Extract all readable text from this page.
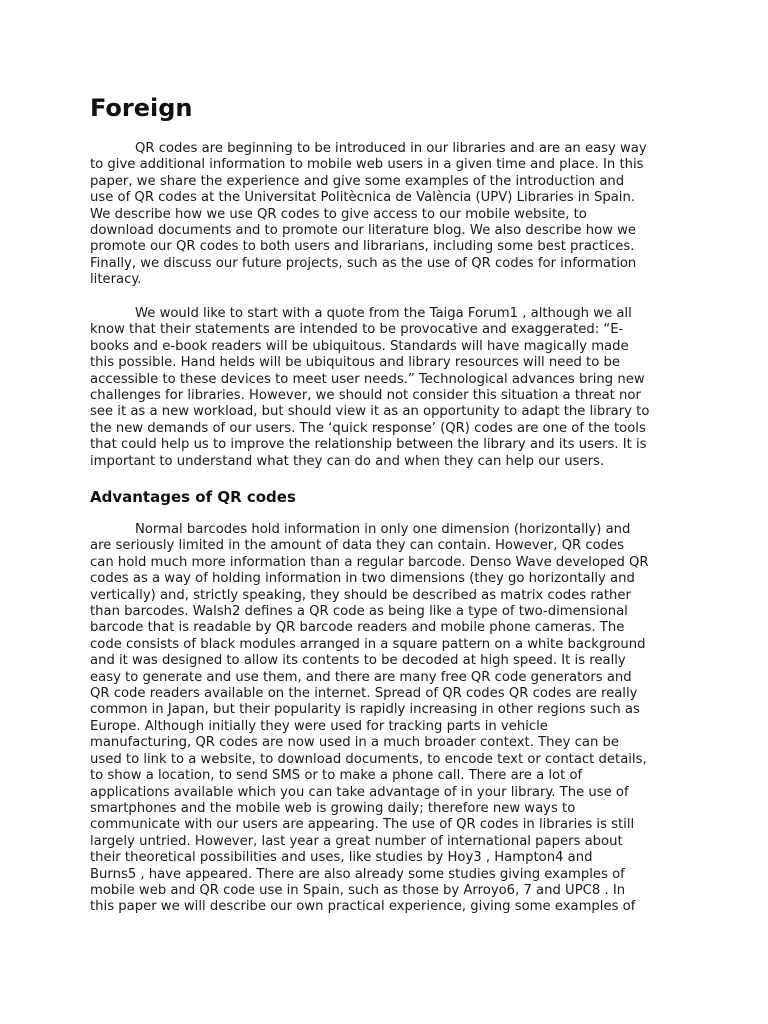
Foreign
QR codes are beginning to be introduced in our libraries and are an easy way
to give additional information to mobile web users in a given time and place. In this
paper, we share the experience and give some examples of the introduction and
use of QR codes at the Universitat Politècnica de València (UPV) Libraries in Spain.
We describe how we use QR codes to give access to our mobile website, to
download documents and to promote our literature blog. We also describe how we
promote our QR codes to both users and librarians, including some best practices.
Finally, we discuss our future projects, such as the use of QR codes for information
literacy.
We would like to start with a quote from the Taiga Forum1 , although we all
know that their statements are intended to be provocative and exaggerated: “E-
books and e-book readers will be ubiquitous. Standards will have magically made
this possible. Hand helds will be ubiquitous and library resources will need to be
accessible to these devices to meet user needs.” Technological advances bring new
challenges for libraries. However, we should not consider this situation a threat nor
see it as a new workload, but should view it as an opportunity to adapt the library to
the new demands of our users. The ‘quick response’ (QR) codes are one of the tools
that could help us to improve the relationship between the library and its users. It is
important to understand what they can do and when they can help our users.
Advantages of QR codes
Normal barcodes hold information in only one dimension (horizontally) and
are seriously limited in the amount of data they can contain. However, QR codes
can hold much more information than a regular barcode. Denso Wave developed QR
codes as a way of holding information in two dimensions (they go horizontally and
vertically) and, strictly speaking, they should be described as matrix codes rather
than barcodes. Walsh2 defines a QR code as being like a type of two-dimensional
barcode that is readable by QR barcode readers and mobile phone cameras. The
code consists of black modules arranged in a square pattern on a white background
and it was designed to allow its contents to be decoded at high speed. It is really
easy to generate and use them, and there are many free QR code generators and
QR code readers available on the internet. Spread of QR codes QR codes are really
common in Japan, but their popularity is rapidly increasing in other regions such as
Europe. Although initially they were used for tracking parts in vehicle
manufacturing, QR codes are now used in a much broader context. They can be
used to link to a website, to download documents, to encode text or contact details,
to show a location, to send SMS or to make a phone call. There are a lot of
applications available which you can take advantage of in your library. The use of
smartphones and the mobile web is growing daily; therefore new ways to
communicate with our users are appearing. The use of QR codes in libraries is still
largely untried. However, last year a great number of international papers about
their theoretical possibilities and uses, like studies by Hoy3 , Hampton4 and
Burns5 , have appeared. There are also already some studies giving examples of
mobile web and QR code use in Spain, such as those by Arroyo6, 7 and UPC8 . In
this paper we will describe our own practical experience, giving some examples of
